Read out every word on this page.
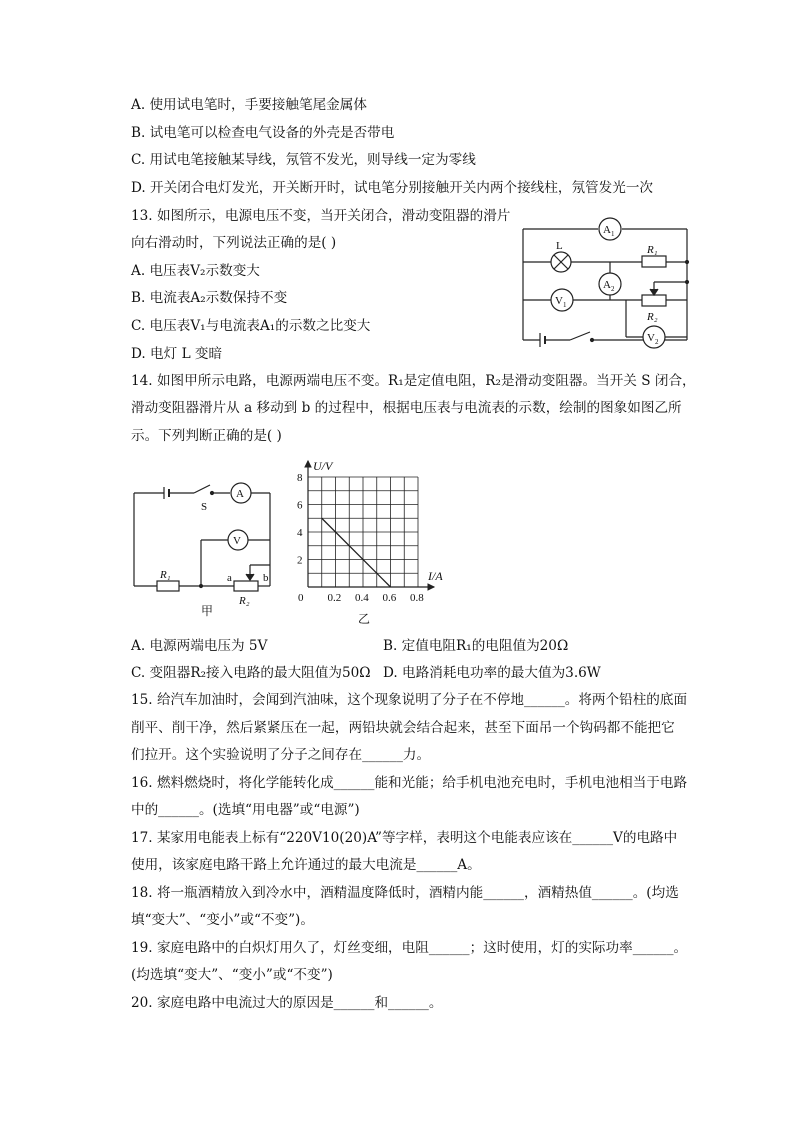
A. 使用试电笔时，手要接触笔尾金属体
B. 试电笔可以检查电气设备的外壳是否带电
C. 用试电笔接触某导线，氖管不发光，则导线一定为零线
D. 开关闭合电灯发光，开关断开时，试电笔分别接触开关内两个接线柱，氖管发光一次
13. 如图所示，电源电压不变，当开关闭合，滑动变阻器的滑片
向右滑动时，下列说法正确的是( )
A. 电压表V₂示数变大
B. 电流表A₂示数保持不变
C. 电压表V₁与电流表A₁的示数之比变大
D. 电灯 L 变暗
A 1
L	R₁
A 2
V 1
R₂
V 2
14. 如图甲所示电路，电源两端电压不变。R₁是定值电阻，R₂是滑动变阻器。当开关 S 闭合，
滑动变阻器滑片从 a 移动到 b 的过程中，根据电压表与电流表的示数，绘制的图象如图乙所
示。下列判断正确的是( )
A
S
V
R₁	a	b
R₂
甲
0.2 0.4 0.6 0.8
2
4
6
8
U/V
I/A
0
乙
A. 电源两端电压为 5V	B. 定值电阻R₁的电阻值为20Ω
C. 变阻器R₂接入电路的最大阻值为50Ω D. 电路消耗电功率的最大值为3.6W
15. 给汽车加油时，会闻到汽油味，这个现象说明了分子在不停地______。将两个铅柱的底面
削平、削干净，然后紧紧压在一起，两铅块就会结合起来，甚至下面吊一个钩码都不能把它
们拉开。这个实验说明了分子之间存在______力。
16. 燃料燃烧时，将化学能转化成______能和光能；给手机电池充电时，手机电池相当于电路
中的______。(选填“用电器”或“电源”)
17. 某家用电能表上标有“220V10(20)A”等字样，表明这个电能表应该在______V的电路中
使用，该家庭电路干路上允许通过的最大电流是______A。
18. 将一瓶酒精放入到冷水中，酒精温度降低时，酒精内能______，酒精热值______。(均选
填“变大”、“变小”或“不变”)。
19. 家庭电路中的白炽灯用久了，灯丝变细，电阻______；这时使用，灯的实际功率______。
(均选填“变大”、“变小”或“不变”)
20. 家庭电路中电流过大的原因是______和______。
